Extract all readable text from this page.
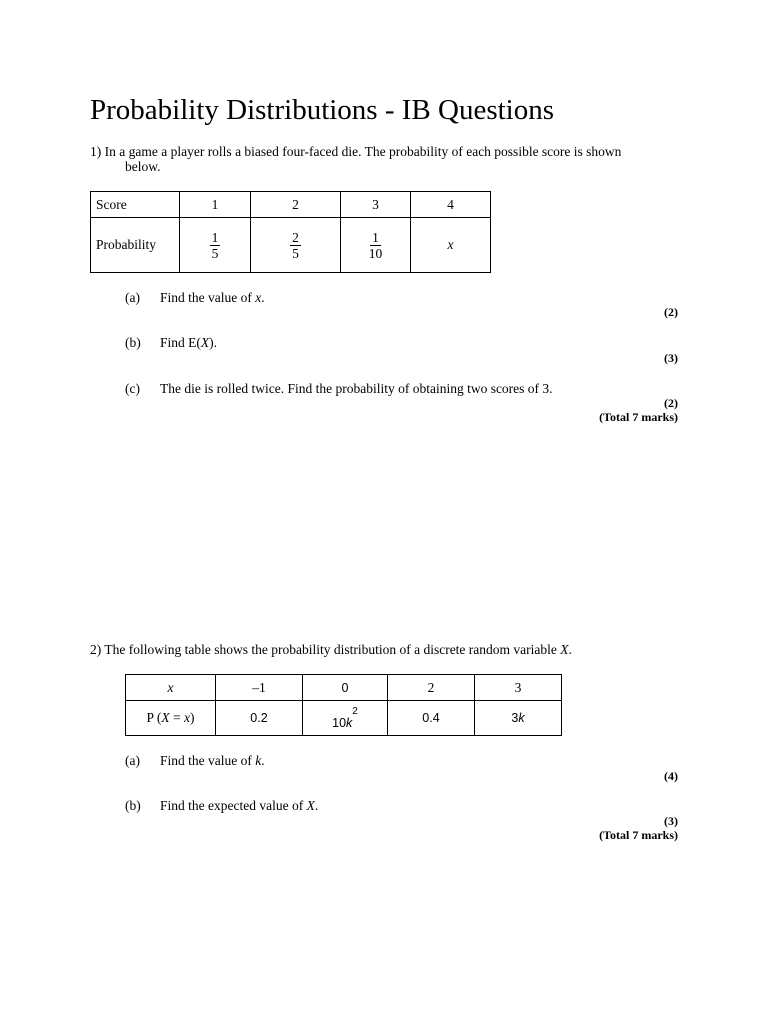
Probability Distributions - IB Questions
1) In a game a player rolls a biased four-faced die. The probability of each possible score is shown
below.
Score	1	2	3	4
Probability	$\frac{1}{5}$	$\frac{2}{5}$	$\frac{1}{10}$	x
(a) Find the value of x.
(2)
(b) Find E(X).
(3)
(c) The die is rolled twice. Find the probability of obtaining two scores of 3.
(2)
(Total 7 marks)
2) The following table shows the probability distribution of a discrete random variable X.
x	–1	0	2	3
P (X = x)	0.2	$10k^2$	0.4	3k
(a) Find the value of k.
(4)
(b) Find the expected value of X.
(3)
(Total 7 marks)
